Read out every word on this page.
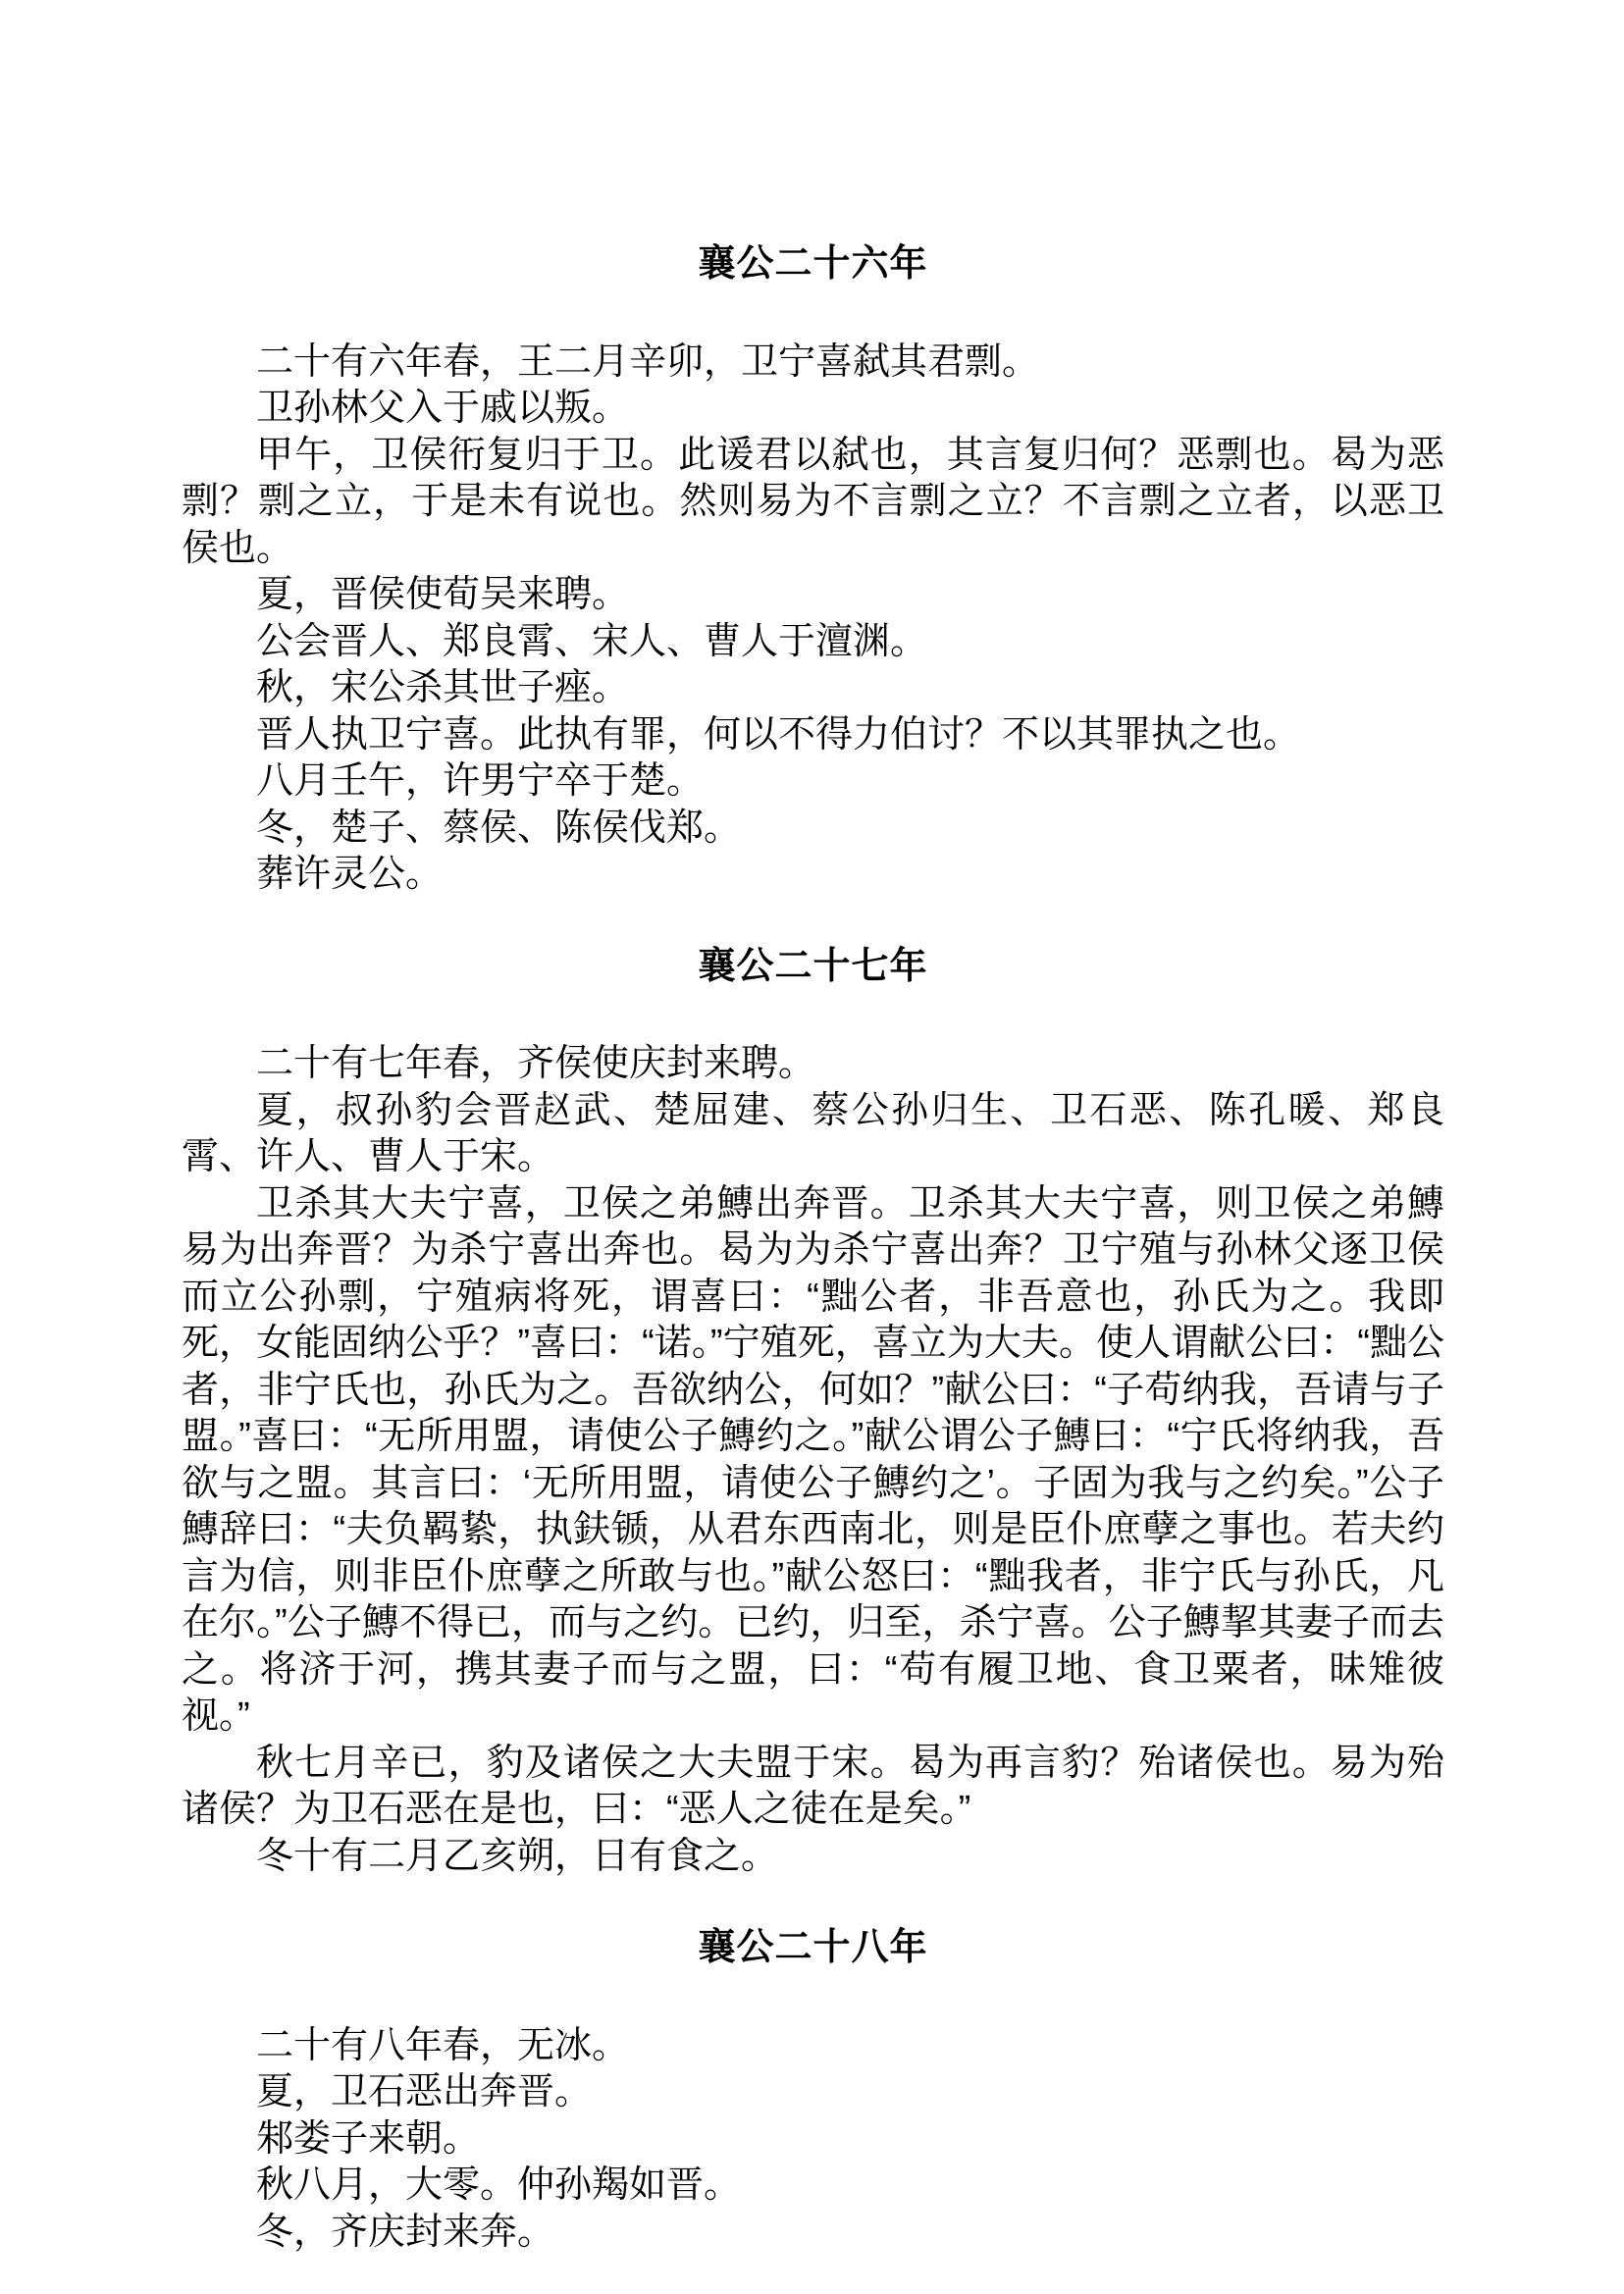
襄公二十六年

二十有六年春，王二月辛卯，卫宁喜弑其君剽。

卫孙林父入于戚以叛。

甲午，卫侯衎复归于卫。此谖君以弑也，其言复归何？恶剽也。曷为恶剽？剽之立，于是未有说也。然则易为不言剽之立？不言剽之立者，以恶卫侯也。

夏，晋侯使荀吴来聘。

公会晋人、郑良霄、宋人、曹人于澶渊。

秋，宋公杀其世子痤。

晋人执卫宁喜。此执有罪，何以不得力伯讨？不以其罪执之也。

八月壬午，许男宁卒于楚。

冬，楚子、蔡侯、陈侯伐郑。

葬许灵公。

襄公二十七年

二十有七年春，齐侯使庆封来聘。

夏，叔孙豹会晋赵武、楚屈建、蔡公孙归生、卫石恶、陈孔暖、郑良霄、许人、曹人于宋。

卫杀其大夫宁喜，卫侯之弟鱄出奔晋。卫杀其大夫宁喜，则卫侯之弟鱄易为出奔晋？为杀宁喜出奔也。曷为为杀宁喜出奔？卫宁殖与孙林父逐卫侯而立公孙剽，宁殖病将死，谓喜曰：“黜公者，非吾意也，孙氏为之。我即死，女能固纳公乎？”喜曰：“诺。”宁殖死，喜立为大夫。使人谓献公曰：“黜公者，非宁氏也，孙氏为之。吾欲纳公，何如？”献公曰：“子苟纳我，吾请与子盟。”喜曰：“无所用盟，请使公子鱄约之。”献公谓公子鱄曰：“宁氏将纳我，吾欲与之盟。其言曰：‘无所用盟，请使公子鱄约之’。子固为我与之约矣。”公子鱄辞曰：“夫负羁絷，执鈇锧，从君东西南北，则是臣仆庶孽之事也。若夫约言为信，则非臣仆庶孽之所敢与也。”献公怒曰：“黜我者，非宁氏与孙氏，凡在尔。”公子鱄不得已，而与之约。已约，归至，杀宁喜。公子鱄挈其妻子而去之。将济于河，携其妻子而与之盟，曰：“苟有履卫地、食卫粟者，昧雉彼视。”

秋七月辛已，豹及诸侯之大夫盟于宋。曷为再言豹？殆诸侯也。易为殆诸侯？为卫石恶在是也，曰：“恶人之徒在是矣。”

冬十有二月乙亥朔，日有食之。

襄公二十八年

二十有八年春，无冰。

夏，卫石恶出奔晋。

邾娄子来朝。

秋八月，大零。仲孙羯如晋。

冬，齐庆封来奔。
